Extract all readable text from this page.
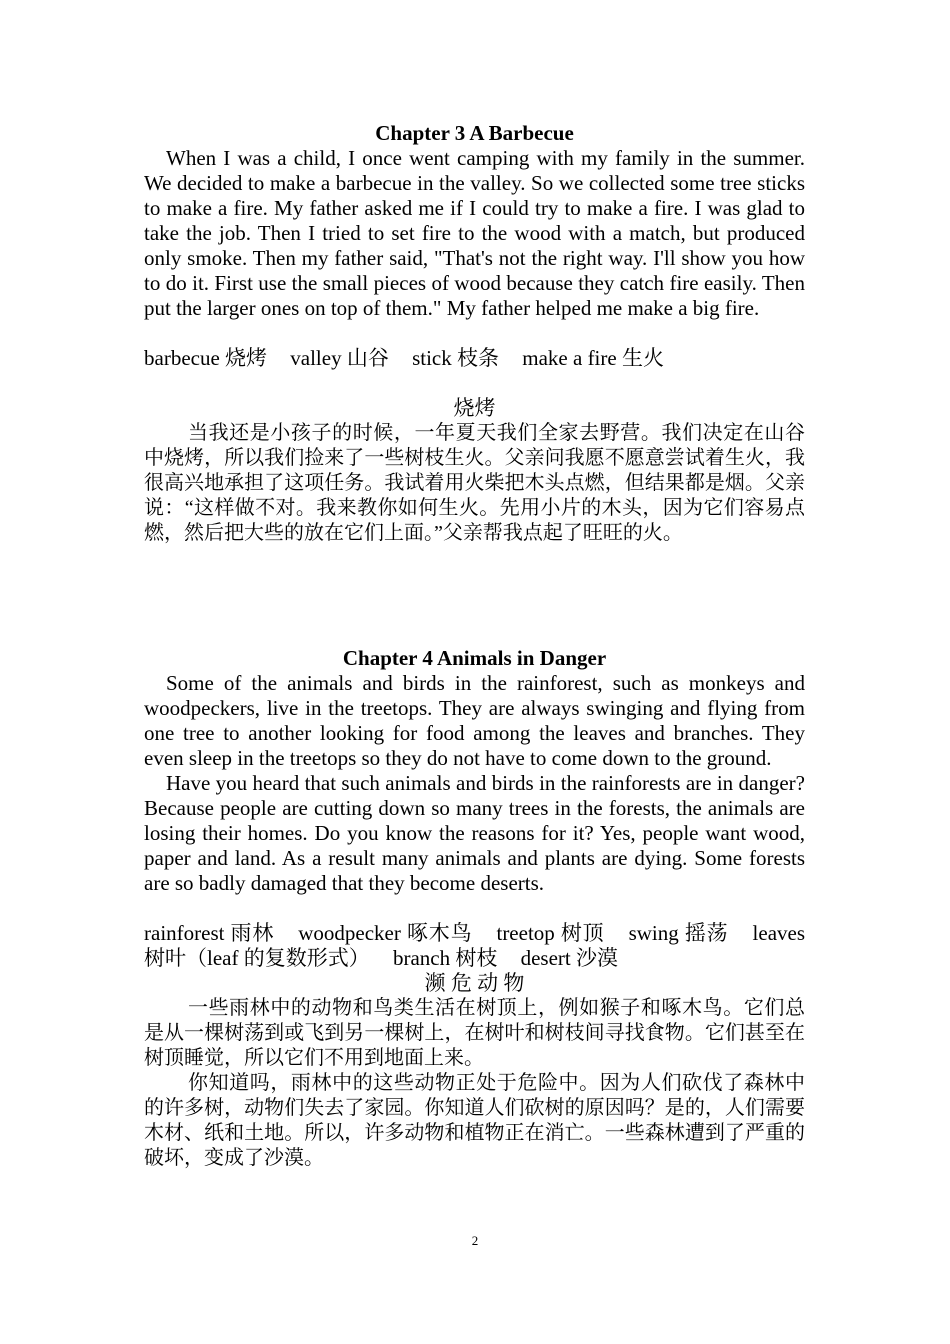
Chapter 3 A Barbecue

When I was a child, I once went camping with my family in the summer. We decided to make a barbecue in the valley. So we collected some tree sticks to make a fire. My father asked me if I could try to make a fire. I was glad to take the job. Then I tried to set fire to the wood with a match, but produced only smoke. Then my father said, "That's not the right way. I'll show you how to do it. First use the small pieces of wood because they catch fire easily. Then put the larger ones on top of them." My father helped me make a big fire.

barbecue 烧烤 valley 山谷 stick 枝条 make a fire 生火

烧烤

当我还是小孩子的时候，一年夏天我们全家去野营。我们决定在山谷中烧烤，所以我们捡来了一些树枝生火。父亲问我愿不愿意尝试着生火，我很高兴地承担了这项任务。我试着用火柴把木头点燃，但结果都是烟。父亲说：“这样做不对。我来教你如何生火。先用小片的木头，因为它们容易点燃，然后把大些的放在它们上面。”父亲帮我点起了旺旺的火。

Chapter 4 Animals in Danger

Some of the animals and birds in the rainforest, such as monkeys and woodpeckers, live in the treetops. They are always swinging and flying from one tree to another looking for food among the leaves and branches. They even sleep in the treetops so they do not have to come down to the ground.

Have you heard that such animals and birds in the rainforests are in danger? Because people are cutting down so many trees in the forests, the animals are losing their homes. Do you know the reasons for it? Yes, people want wood, paper and land. As a result many animals and plants are dying. Some forests are so badly damaged that they become deserts.

rainforest 雨林 woodpecker 啄木鸟 treetop 树顶 swing 摇荡 leaves 树叶（leaf 的复数形式） branch 树枝 desert 沙漠

濒 危 动 物

一些雨林中的动物和鸟类生活在树顶上，例如猴子和啄木鸟。它们总是从一棵树荡到或飞到另一棵树上，在树叶和树枝间寻找食物。它们甚至在树顶睡觉，所以它们不用到地面上来。

你知道吗，雨林中的这些动物正处于危险中。因为人们砍伐了森林中的许多树，动物们失去了家园。你知道人们砍树的原因吗？是的，人们需要木材、纸和土地。所以，许多动物和植物正在消亡。一些森林遭到了严重的破坏，变成了沙漠。

2
